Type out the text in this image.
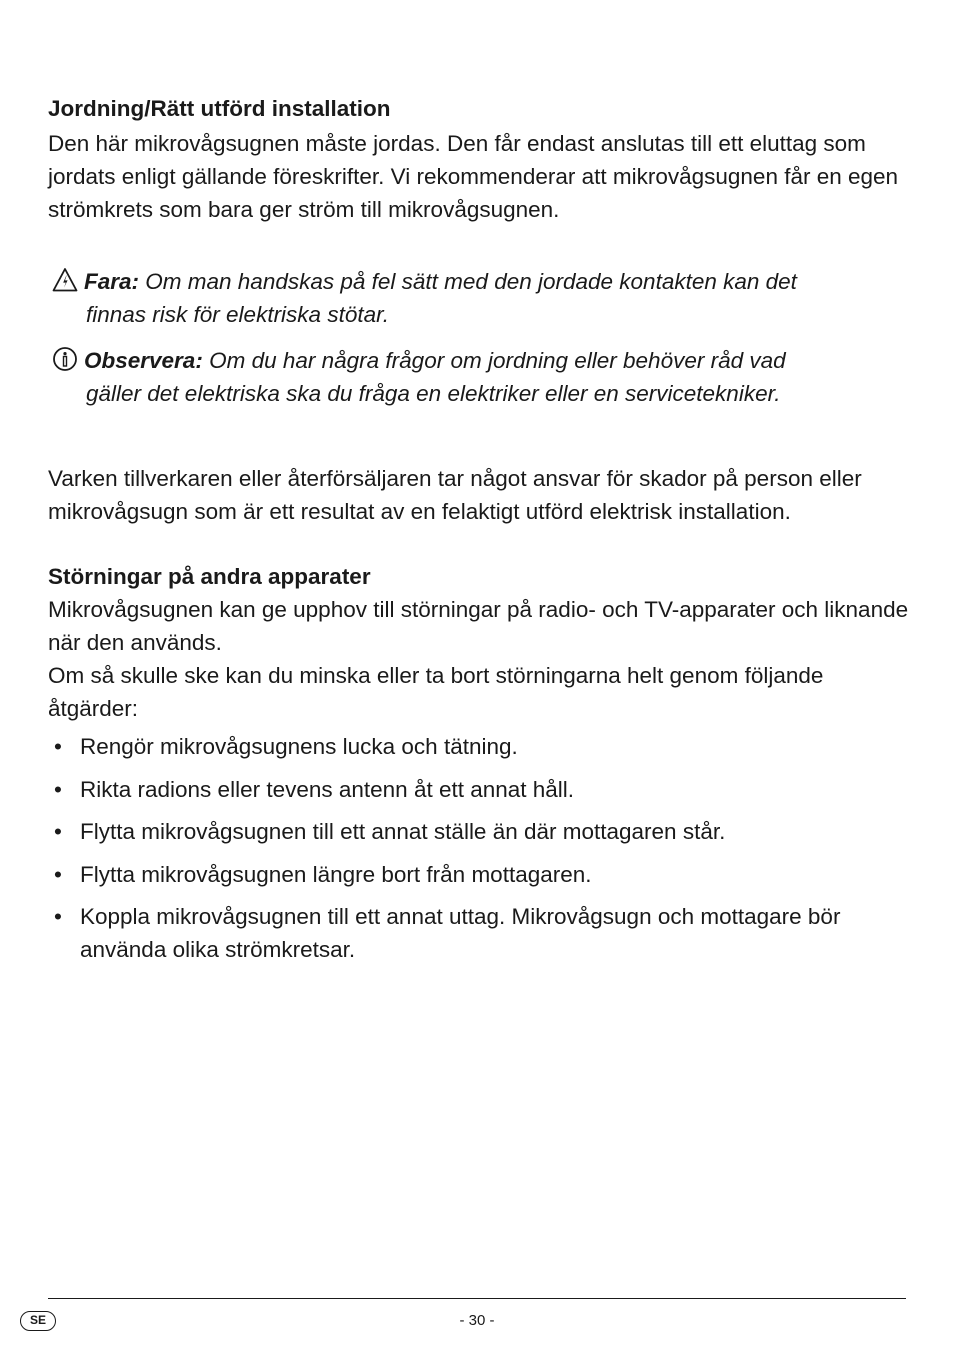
Jordning/Rätt utförd installation
Den här mikrovågsugnen måste jordas. Den får endast anslutas till ett eluttag som jordats enligt gällande föreskrifter. Vi rekommenderar att mikrovågsugnen får en egen strömkrets som bara ger ström till mikrovågsugnen.
Fara: Om man handskas på fel sätt med den jordade kontakten kan det
finnas risk för elektriska stötar.
Observera: Om du har några frågor om jordning eller behöver råd vad
gäller det elektriska ska du fråga en elektriker eller en servicetekniker.
Varken tillverkaren eller återförsäljaren tar något ansvar för skador på person eller mikrovågsugn som är ett resultat av en felaktigt utförd elektrisk installation.
Störningar på andra apparater
Mikrovågsugnen kan ge upphov till störningar på radio- och TV-apparater och liknande när den används.
Om så skulle ske kan du minska eller ta bort störningarna helt genom följande åtgärder:
• Rengör mikrovågsugnens lucka och tätning.
• Rikta radions eller tevens antenn åt ett annat håll.
• Flytta mikrovågsugnen till ett annat ställe än där mottagaren står.
• Flytta mikrovågsugnen längre bort från mottagaren.
• Koppla mikrovågsugnen till ett annat uttag. Mikrovågsugn och mottagare bör använda olika strömkretsar.
SE	- 30 -
